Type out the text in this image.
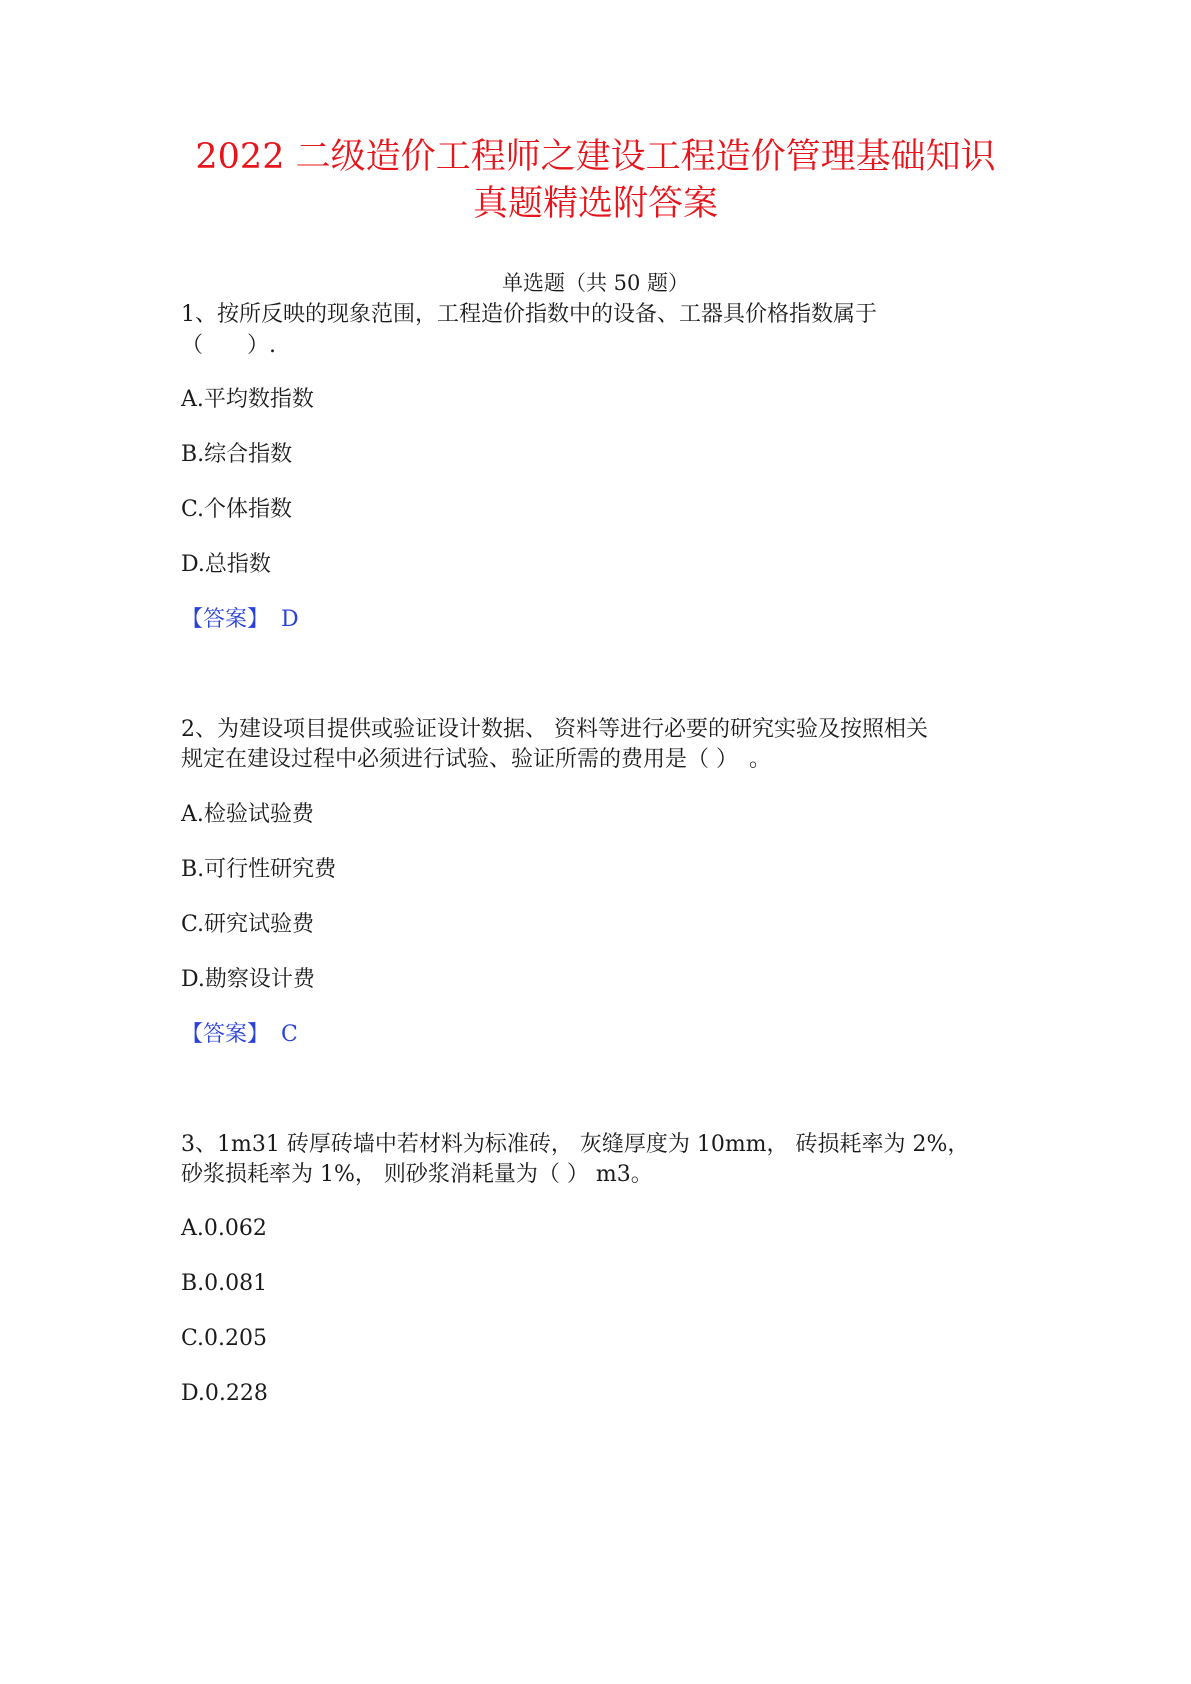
2022 二级造价工程师之建设工程造价管理基础知识
真题精选附答案
单选题（共 50 题）
1、按所反映的现象范围，工程造价指数中的设备、工器具价格指数属于
（　　）.
A.平均数指数
B.综合指数
C.个体指数
D.总指数
【答案】 D
2、为建设项目提供或验证设计数据、 资料等进行必要的研究实验及按照相关
规定在建设过程中必须进行试验、验证所需的费用是（ ）　。
A.检验试验费
B.可行性研究费
C.研究试验费
D.勘察设计费
【答案】 C
3、1m31 砖厚砖墙中若材料为标准砖， 灰缝厚度为 10mm， 砖损耗率为 2%，
砂浆损耗率为 1%， 则砂浆消耗量为（ ） m3。
A.0.062
B.0.081
C.0.205
D.0.228
